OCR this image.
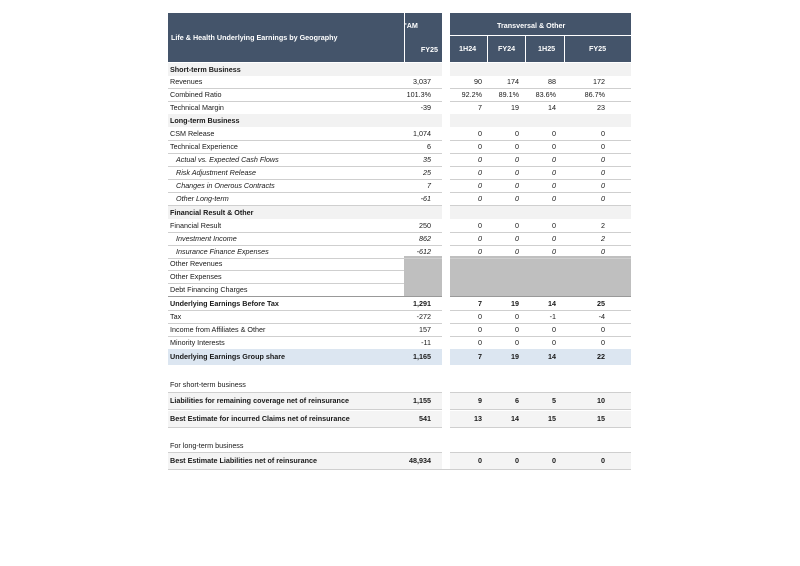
Life & Health Underlying Earnings by Geography
'AM
FY25
Transversal & Other
1H24	FY24	1H25	FY25
Short-term Business
Revenues	3,037	90	174	88	172
Combined Ratio	101.3%	92.2%	89.1%	83.6%	86.7%
Technical Margin	-39	7	19	14	23
Long-term Business
CSM Release	1,074	0	0	0	0
Technical Experience	6	0	0	0	0
Actual vs. Expected Cash Flows	35	0	0	0	0
Risk Adjustment Release	25	0	0	0	0
Changes in Onerous Contracts	7	0	0	0	0
Other Long-term	-61	0	0	0	0
Financial Result & Other
Financial Result	250	0	0	0	2
Investment Income	862	0	0	0	2
Insurance Finance Expenses	-612	0	0	0	0
Other Revenues
Other Expenses
Debt Financing Charges
Underlying Earnings Before Tax	1,291	7	19	14	25
Tax	-272	0	0	-1	-4
Income from Affiliates & Other	157	0	0	0	0
Minority Interests	-11	0	0	0	0
Underlying Earnings Group share	1,165	7	19	14	22
For short-term business
Liabilities for remaining coverage net of reinsurance	1,155	9	6	5	10
Best Estimate for incurred Claims net of reinsurance	541	13	14	15	15
For long-term business
Best Estimate Liabilities net of reinsurance	48,934	0	0	0	0
